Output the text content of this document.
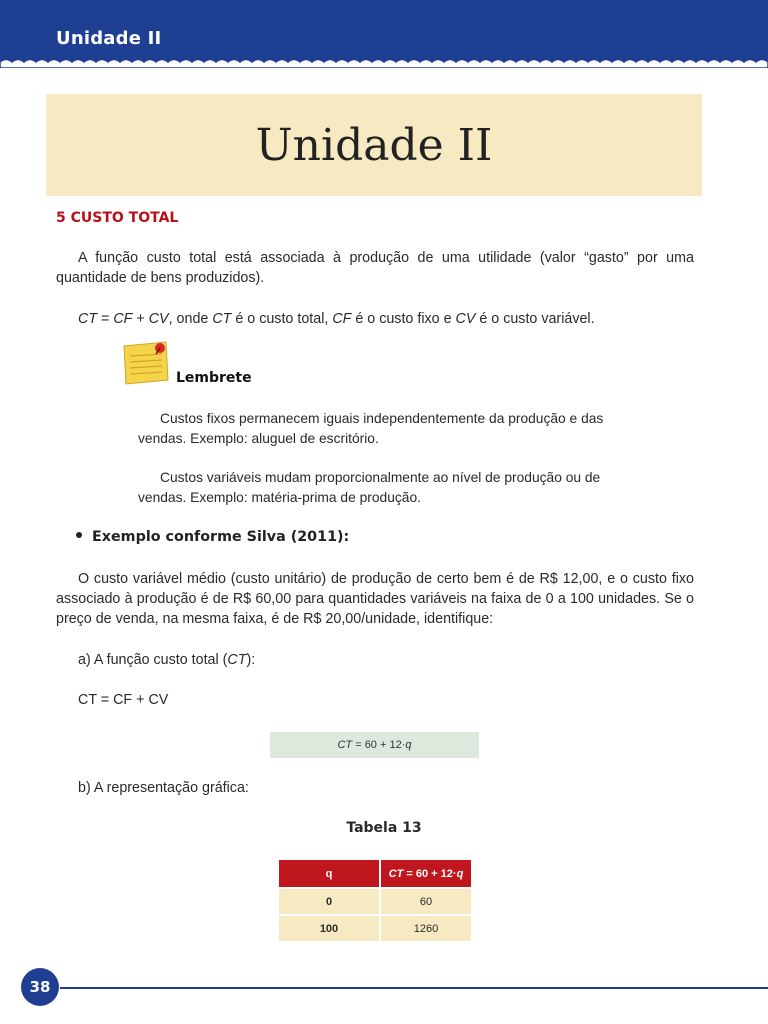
Unidade II
Unidade II
5 CUSTO TOTAL
A função custo total está associada à produção de uma utilidade (valor “gasto” por uma quantidade de bens produzidos).
CT = CF + CV, onde CT é o custo total, CF é o custo fixo e CV é o custo variável.
Lembrete
Custos fixos permanecem iguais independentemente da produção e das vendas. Exemplo: aluguel de escritório.
Custos variáveis mudam proporcionalmente ao nível de produção ou de vendas. Exemplo: matéria-prima de produção.
Exemplo conforme Silva (2011):
O custo variável médio (custo unitário) de produção de certo bem é de R$ 12,00, e o custo fixo associado à produção é de R$ 60,00 para quantidades variáveis na faixa de 0 a 100 unidades. Se o preço de venda, na mesma faixa, é de R$ 20,00/unidade, identifique:
a) A função custo total (CT):
CT = CF + CV
CT = 60 + 12· q
b) A representação gráfica:
Tabela 13
q	CT = 60 + 12·q
0	60
100	1260
38
